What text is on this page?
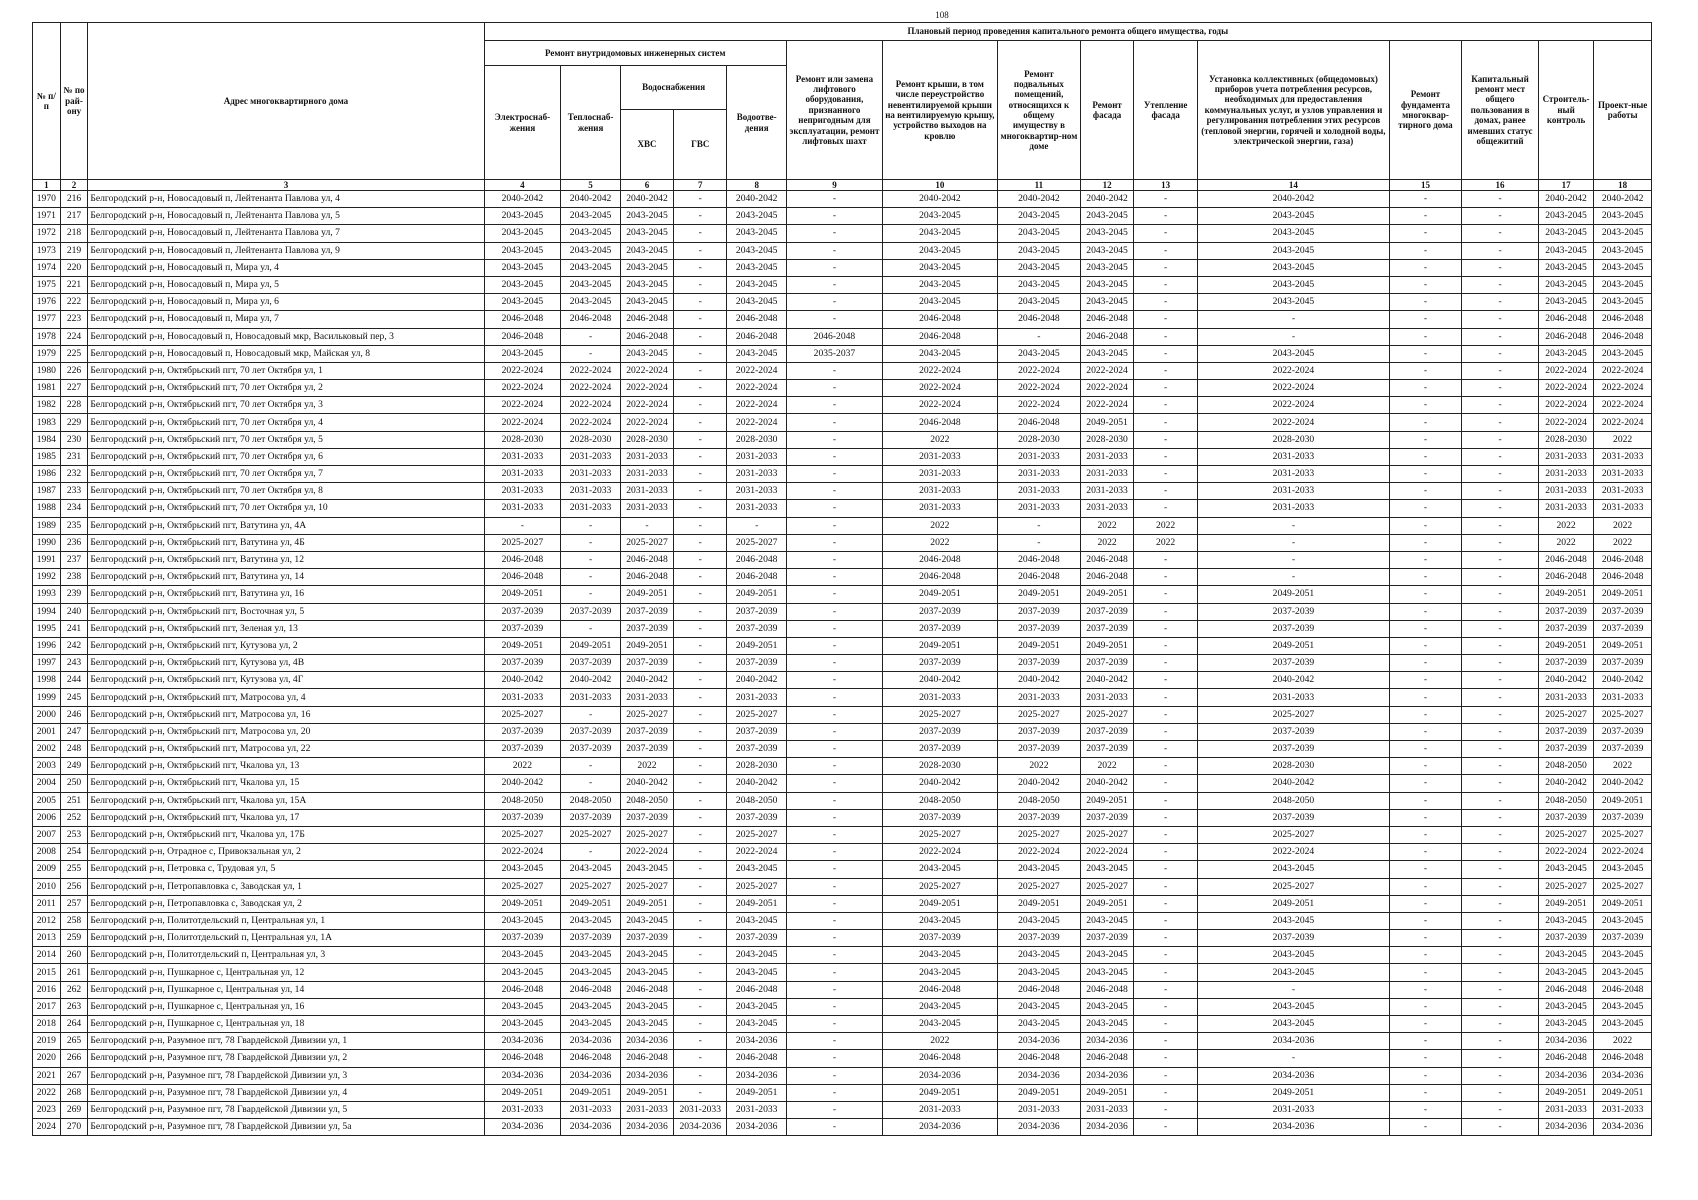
108
№ п/п	№ по рай-ону	Адрес многоквартирного дома	Плановый период проведения капитального ремонта общего имущества, годы														
			Ремонт внутридомовых инженерных систем					Ремонт или замена лифтового оборудования, признанного непригодным для эксплуатации, ремонт лифтовых шахт	Ремонт крыши, в том числе переустройство невентилируемой крыши на вентилируемую крышу, устройство выходов на кровлю	Ремонт подвальных помещений, относящихся к общему имуществу в многоквартир-ном доме	Ремонт фасада	Утепление фасада	Установка коллективных (общедомовых) приборов учета потребления ресурсов, необходимых для предоставления коммунальных услуг, и узлов управления и регулирования потребления этих ресурсов (тепловой энергии, горячей и холодной воды, электрической энергии, газа)	Ремонт фундамента многоквар-тирного дома	Капитальный ремонт мест общего пользования в домах, ранее имевших статус общежитий	Строитель-ный контроль	Проект-ные работы
			Электроснаб-жения	Теплоснаб-жения	Водоснабжения		Водоотве-дения										
					ХВС	ГВС											
1	2	3	4	5	6	7	8	9	10	11	12	13	14	15	16	17	18
1970	216	Белгородский р-н, Новосадовый п, Лейтенанта Павлова ул, 4	2040-2042	2040-2042	2040-2042	-	2040-2042	-	2040-2042	2040-2042	2040-2042	-	2040-2042	-	-	2040-2042	2040-2042
1971	217	Белгородский р-н, Новосадовый п, Лейтенанта Павлова ул, 5	2043-2045	2043-2045	2043-2045	-	2043-2045	-	2043-2045	2043-2045	2043-2045	-	2043-2045	-	-	2043-2045	2043-2045
1972	218	Белгородский р-н, Новосадовый п, Лейтенанта Павлова ул, 7	2043-2045	2043-2045	2043-2045	-	2043-2045	-	2043-2045	2043-2045	2043-2045	-	2043-2045	-	-	2043-2045	2043-2045
1973	219	Белгородский р-н, Новосадовый п, Лейтенанта Павлова ул, 9	2043-2045	2043-2045	2043-2045	-	2043-2045	-	2043-2045	2043-2045	2043-2045	-	2043-2045	-	-	2043-2045	2043-2045
1974	220	Белгородский р-н, Новосадовый п, Мира ул, 4	2043-2045	2043-2045	2043-2045	-	2043-2045	-	2043-2045	2043-2045	2043-2045	-	2043-2045	-	-	2043-2045	2043-2045
1975	221	Белгородский р-н, Новосадовый п, Мира ул, 5	2043-2045	2043-2045	2043-2045	-	2043-2045	-	2043-2045	2043-2045	2043-2045	-	2043-2045	-	-	2043-2045	2043-2045
1976	222	Белгородский р-н, Новосадовый п, Мира ул, 6	2043-2045	2043-2045	2043-2045	-	2043-2045	-	2043-2045	2043-2045	2043-2045	-	2043-2045	-	-	2043-2045	2043-2045
1977	223	Белгородский р-н, Новосадовый п, Мира ул, 7	2046-2048	2046-2048	2046-2048	-	2046-2048	-	2046-2048	2046-2048	2046-2048	-	-	-	-	2046-2048	2046-2048
1978	224	Белгородский р-н, Новосадовый п, Новосадовый мкр, Васильковый пер, 3	2046-2048	-	2046-2048	-	2046-2048	2046-2048	2046-2048	-	2046-2048	-	-	-	-	2046-2048	2046-2048
1979	225	Белгородский р-н, Новосадовый п, Новосадовый мкр, Майская ул, 8	2043-2045	-	2043-2045	-	2043-2045	2035-2037	2043-2045	2043-2045	2043-2045	-	2043-2045	-	-	2043-2045	2043-2045
1980	226	Белгородский р-н, Октябрьский пгт, 70 лет Октября ул, 1	2022-2024	2022-2024	2022-2024	-	2022-2024	-	2022-2024	2022-2024	2022-2024	-	2022-2024	-	-	2022-2024	2022-2024
1981	227	Белгородский р-н, Октябрьский пгт, 70 лет Октября ул, 2	2022-2024	2022-2024	2022-2024	-	2022-2024	-	2022-2024	2022-2024	2022-2024	-	2022-2024	-	-	2022-2024	2022-2024
1982	228	Белгородский р-н, Октябрьский пгт, 70 лет Октября ул, 3	2022-2024	2022-2024	2022-2024	-	2022-2024	-	2022-2024	2022-2024	2022-2024	-	2022-2024	-	-	2022-2024	2022-2024
1983	229	Белгородский р-н, Октябрьский пгт, 70 лет Октября ул, 4	2022-2024	2022-2024	2022-2024	-	2022-2024	-	2046-2048	2046-2048	2049-2051	-	2022-2024	-	-	2022-2024	2022-2024
1984	230	Белгородский р-н, Октябрьский пгт, 70 лет Октября ул, 5	2028-2030	2028-2030	2028-2030	-	2028-2030	-	2022	2028-2030	2028-2030	-	2028-2030	-	-	2028-2030	2022
1985	231	Белгородский р-н, Октябрьский пгт, 70 лет Октября ул, 6	2031-2033	2031-2033	2031-2033	-	2031-2033	-	2031-2033	2031-2033	2031-2033	-	2031-2033	-	-	2031-2033	2031-2033
1986	232	Белгородский р-н, Октябрьский пгт, 70 лет Октября ул, 7	2031-2033	2031-2033	2031-2033	-	2031-2033	-	2031-2033	2031-2033	2031-2033	-	2031-2033	-	-	2031-2033	2031-2033
1987	233	Белгородский р-н, Октябрьский пгт, 70 лет Октября ул, 8	2031-2033	2031-2033	2031-2033	-	2031-2033	-	2031-2033	2031-2033	2031-2033	-	2031-2033	-	-	2031-2033	2031-2033
1988	234	Белгородский р-н, Октябрьский пгт, 70 лет Октября ул, 10	2031-2033	2031-2033	2031-2033	-	2031-2033	-	2031-2033	2031-2033	2031-2033	-	2031-2033	-	-	2031-2033	2031-2033
1989	235	Белгородский р-н, Октябрьский пгт, Ватутина ул, 4А	-	-	-	-	-	-	2022	-	2022	2022	-	-	-	2022	2022
1990	236	Белгородский р-н, Октябрьский пгт, Ватутина ул, 4Б	2025-2027	-	2025-2027	-	2025-2027	-	2022	-	2022	2022	-	-	-	2022	2022
1991	237	Белгородский р-н, Октябрьский пгт, Ватутина ул, 12	2046-2048	-	2046-2048	-	2046-2048	-	2046-2048	2046-2048	2046-2048	-	-	-	-	2046-2048	2046-2048
1992	238	Белгородский р-н, Октябрьский пгт, Ватутина ул, 14	2046-2048	-	2046-2048	-	2046-2048	-	2046-2048	2046-2048	2046-2048	-	-	-	-	2046-2048	2046-2048
1993	239	Белгородский р-н, Октябрьский пгт, Ватутина ул, 16	2049-2051	-	2049-2051	-	2049-2051	-	2049-2051	2049-2051	2049-2051	-	2049-2051	-	-	2049-2051	2049-2051
1994	240	Белгородский р-н, Октябрьский пгт, Восточная ул, 5	2037-2039	2037-2039	2037-2039	-	2037-2039	-	2037-2039	2037-2039	2037-2039	-	2037-2039	-	-	2037-2039	2037-2039
1995	241	Белгородский р-н, Октябрьский пгт, Зеленая ул, 13	2037-2039	-	2037-2039	-	2037-2039	-	2037-2039	2037-2039	2037-2039	-	2037-2039	-	-	2037-2039	2037-2039
1996	242	Белгородский р-н, Октябрьский пгт, Кутузова ул, 2	2049-2051	2049-2051	2049-2051	-	2049-2051	-	2049-2051	2049-2051	2049-2051	-	2049-2051	-	-	2049-2051	2049-2051
1997	243	Белгородский р-н, Октябрьский пгт, Кутузова ул, 4В	2037-2039	2037-2039	2037-2039	-	2037-2039	-	2037-2039	2037-2039	2037-2039	-	2037-2039	-	-	2037-2039	2037-2039
1998	244	Белгородский р-н, Октябрьский пгт, Кутузова ул, 4Г	2040-2042	2040-2042	2040-2042	-	2040-2042	-	2040-2042	2040-2042	2040-2042	-	2040-2042	-	-	2040-2042	2040-2042
1999	245	Белгородский р-н, Октябрьский пгт, Матросова ул, 4	2031-2033	2031-2033	2031-2033	-	2031-2033	-	2031-2033	2031-2033	2031-2033	-	2031-2033	-	-	2031-2033	2031-2033
2000	246	Белгородский р-н, Октябрьский пгт, Матросова ул, 16	2025-2027	-	2025-2027	-	2025-2027	-	2025-2027	2025-2027	2025-2027	-	2025-2027	-	-	2025-2027	2025-2027
2001	247	Белгородский р-н, Октябрьский пгт, Матросова ул, 20	2037-2039	2037-2039	2037-2039	-	2037-2039	-	2037-2039	2037-2039	2037-2039	-	2037-2039	-	-	2037-2039	2037-2039
2002	248	Белгородский р-н, Октябрьский пгт, Матросова ул, 22	2037-2039	2037-2039	2037-2039	-	2037-2039	-	2037-2039	2037-2039	2037-2039	-	2037-2039	-	-	2037-2039	2037-2039
2003	249	Белгородский р-н, Октябрьский пгт, Чкалова ул, 13	2022	-	2022	-	2028-2030	-	2028-2030	2022	2022	-	2028-2030	-	-	2048-2050	2022
2004	250	Белгородский р-н, Октябрьский пгт, Чкалова ул, 15	2040-2042	-	2040-2042	-	2040-2042	-	2040-2042	2040-2042	2040-2042	-	2040-2042	-	-	2040-2042	2040-2042
2005	251	Белгородский р-н, Октябрьский пгт, Чкалова ул, 15А	2048-2050	2048-2050	2048-2050	-	2048-2050	-	2048-2050	2048-2050	2049-2051	-	2048-2050	-	-	2048-2050	2049-2051
2006	252	Белгородский р-н, Октябрьский пгт, Чкалова ул, 17	2037-2039	2037-2039	2037-2039	-	2037-2039	-	2037-2039	2037-2039	2037-2039	-	2037-2039	-	-	2037-2039	2037-2039
2007	253	Белгородский р-н, Октябрьский пгт, Чкалова ул, 17Б	2025-2027	2025-2027	2025-2027	-	2025-2027	-	2025-2027	2025-2027	2025-2027	-	2025-2027	-	-	2025-2027	2025-2027
2008	254	Белгородский р-н, Отрадное с, Привокзальная ул, 2	2022-2024	-	2022-2024	-	2022-2024	-	2022-2024	2022-2024	2022-2024	-	2022-2024	-	-	2022-2024	2022-2024
2009	255	Белгородский р-н, Петровка с, Трудовая ул, 5	2043-2045	2043-2045	2043-2045	-	2043-2045	-	2043-2045	2043-2045	2043-2045	-	2043-2045	-	-	2043-2045	2043-2045
2010	256	Белгородский р-н, Петропавловка с, Заводская ул, 1	2025-2027	2025-2027	2025-2027	-	2025-2027	-	2025-2027	2025-2027	2025-2027	-	2025-2027	-	-	2025-2027	2025-2027
2011	257	Белгородский р-н, Петропавловка с, Заводская ул, 2	2049-2051	2049-2051	2049-2051	-	2049-2051	-	2049-2051	2049-2051	2049-2051	-	2049-2051	-	-	2049-2051	2049-2051
2012	258	Белгородский р-н, Политотдельский п, Центральная ул, 1	2043-2045	2043-2045	2043-2045	-	2043-2045	-	2043-2045	2043-2045	2043-2045	-	2043-2045	-	-	2043-2045	2043-2045
2013	259	Белгородский р-н, Политотдельский п, Центральная ул, 1А	2037-2039	2037-2039	2037-2039	-	2037-2039	-	2037-2039	2037-2039	2037-2039	-	2037-2039	-	-	2037-2039	2037-2039
2014	260	Белгородский р-н, Политотдельский п, Центральная ул, 3	2043-2045	2043-2045	2043-2045	-	2043-2045	-	2043-2045	2043-2045	2043-2045	-	2043-2045	-	-	2043-2045	2043-2045
2015	261	Белгородский р-н, Пушкарное с, Центральная ул, 12	2043-2045	2043-2045	2043-2045	-	2043-2045	-	2043-2045	2043-2045	2043-2045	-	2043-2045	-	-	2043-2045	2043-2045
2016	262	Белгородский р-н, Пушкарное с, Центральная ул, 14	2046-2048	2046-2048	2046-2048	-	2046-2048	-	2046-2048	2046-2048	2046-2048	-	-	-	-	2046-2048	2046-2048
2017	263	Белгородский р-н, Пушкарное с, Центральная ул, 16	2043-2045	2043-2045	2043-2045	-	2043-2045	-	2043-2045	2043-2045	2043-2045	-	2043-2045	-	-	2043-2045	2043-2045
2018	264	Белгородский р-н, Пушкарное с, Центральная ул, 18	2043-2045	2043-2045	2043-2045	-	2043-2045	-	2043-2045	2043-2045	2043-2045	-	2043-2045	-	-	2043-2045	2043-2045
2019	265	Белгородский р-н, Разумное пгт, 78 Гвардейской Дивизии ул, 1	2034-2036	2034-2036	2034-2036	-	2034-2036	-	2022	2034-2036	2034-2036	-	2034-2036	-	-	2034-2036	2022
2020	266	Белгородский р-н, Разумное пгт, 78 Гвардейской Дивизии ул, 2	2046-2048	2046-2048	2046-2048	-	2046-2048	-	2046-2048	2046-2048	2046-2048	-	-	-	-	2046-2048	2046-2048
2021	267	Белгородский р-н, Разумное пгт, 78 Гвардейской Дивизии ул, 3	2034-2036	2034-2036	2034-2036	-	2034-2036	-	2034-2036	2034-2036	2034-2036	-	2034-2036	-	-	2034-2036	2034-2036
2022	268	Белгородский р-н, Разумное пгт, 78 Гвардейской Дивизии ул, 4	2049-2051	2049-2051	2049-2051	-	2049-2051	-	2049-2051	2049-2051	2049-2051	-	2049-2051	-	-	2049-2051	2049-2051
2023	269	Белгородский р-н, Разумное пгт, 78 Гвардейской Дивизии ул, 5	2031-2033	2031-2033	2031-2033	2031-2033	2031-2033	-	2031-2033	2031-2033	2031-2033	-	2031-2033	-	-	2031-2033	2031-2033
2024	270	Белгородский р-н, Разумное пгт, 78 Гвардейской Дивизии ул, 5а	2034-2036	2034-2036	2034-2036	2034-2036	2034-2036	-	2034-2036	2034-2036	2034-2036	-	2034-2036	-	-	2034-2036	2034-2036
